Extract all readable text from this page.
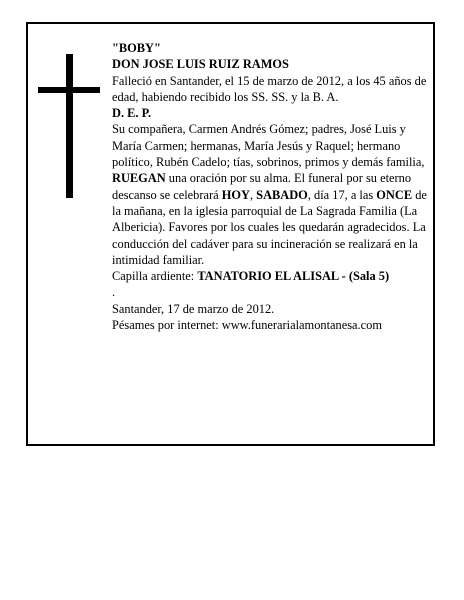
"BOBY"

DON JOSE LUIS RUIZ RAMOS

Falleció en Santander, el 15 de marzo de 2012, a los 45 años de edad, habiendo recibido los SS. SS. y la B. A.

D. E. P.

Su compañera, Carmen Andrés Gómez; padres, José Luis y María Carmen; hermanas, María Jesús y Raquel; hermano político, Rubén Cadelo; tías, sobrinos, primos y demás familia,

RUEGAN una oración por su alma. El funeral por su eterno descanso se celebrará HOY, SABADO, día 17, a las ONCE de la mañana, en la iglesia parroquial de La Sagrada Familia (La Albericia). Favores por los cuales les quedarán agradecidos. La conducción del cadáver para su incineración se realizará en la intimidad familiar.

Capilla ardiente: TANATORIO EL ALISAL - (Sala 5)

.

Santander, 17 de marzo de 2012.

Pésames por internet: www.funerarialamontanesa.com
